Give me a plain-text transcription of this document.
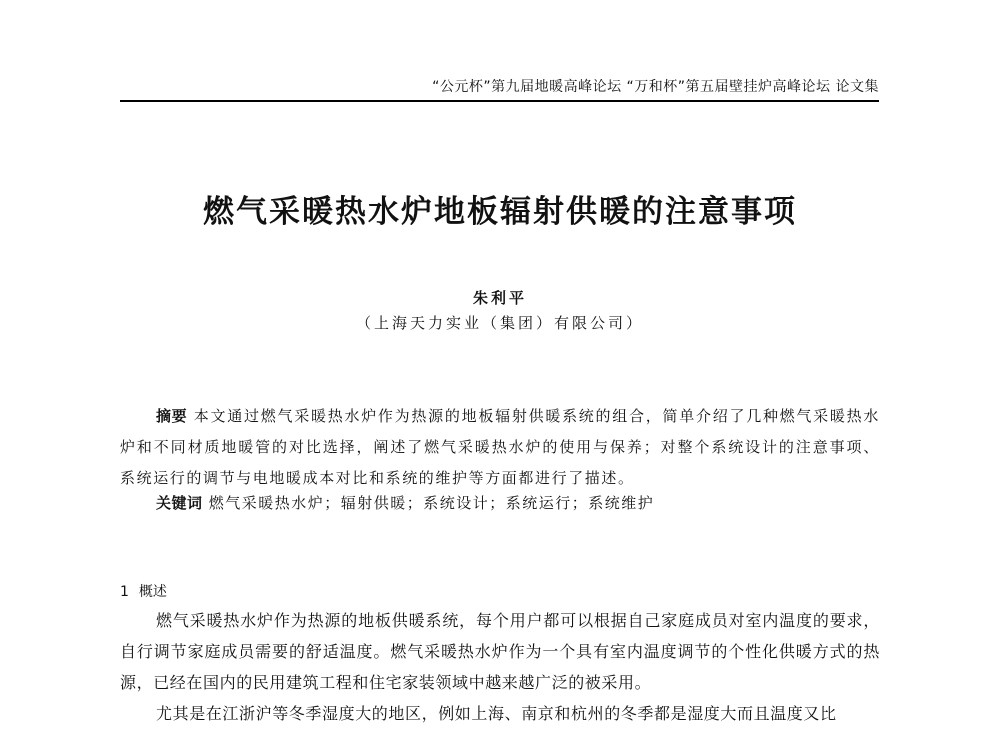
“公元杯”第九届地暖高峰论坛 “万和杯”第五届壁挂炉高峰论坛 论文集
燃气采暖热水炉地板辐射供暖的注意事项
朱利平
（上海天力实业（集团）有限公司）

摘要 本文通过燃气采暖热水炉作为热源的地板辐射供暖系统的组合，简单介绍了几种燃气采暖热水炉和不同材质地暖管的对比选择，阐述了燃气采暖热水炉的使用与保养；对整个系统设计的注意事项、系统运行的调节与电地暖成本对比和系统的维护等方面都进行了描述。

关键词 燃气采暖热水炉；辐射供暖；系统设计；系统运行；系统维护
1 概述

燃气采暖热水炉作为热源的地板供暖系统，每个用户都可以根据自己家庭成员对室内温度的要求，自行调节家庭成员需要的舒适温度。燃气采暖热水炉作为一个具有室内温度调节的个性化供暖方式的热源，已经在国内的民用建筑工程和住宅家装领域中越来越广泛的被采用。
尤其是在江浙沪等冬季湿度大的地区，例如上海、南京和杭州的冬季都是湿度大而且温度又比
